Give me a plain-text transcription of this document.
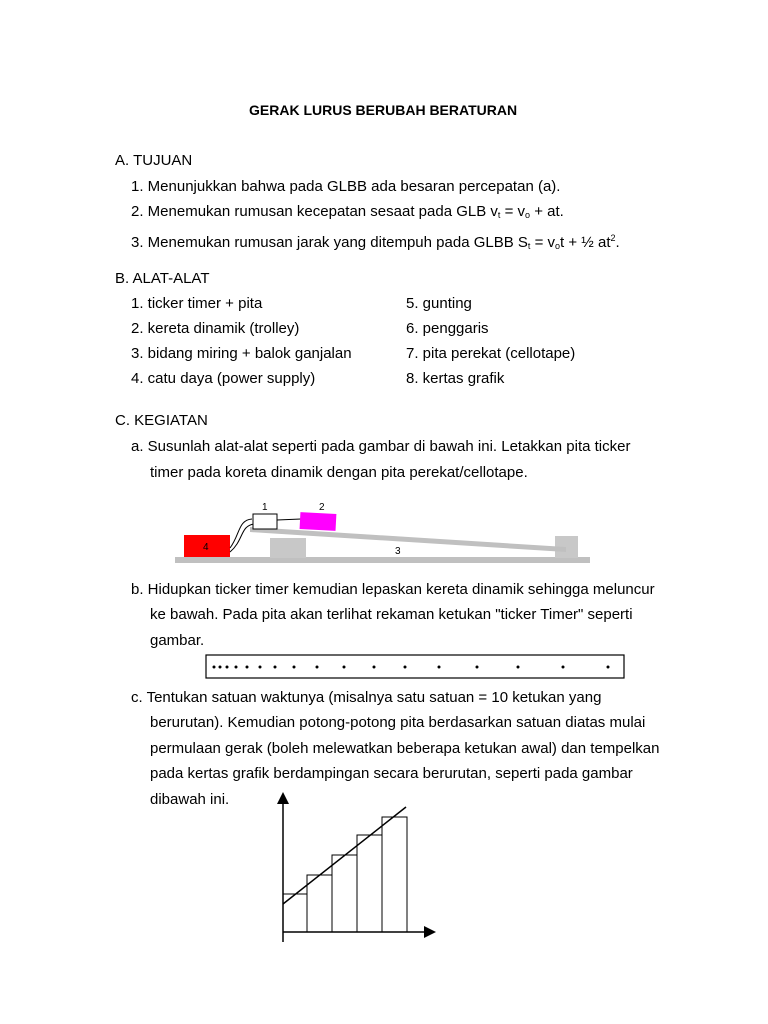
GERAK LURUS BERUBAH BERATURAN
A. TUJUAN
1. Menunjukkan bahwa pada GLBB ada besaran percepatan (a).
2. Menemukan rumusan kecepatan sesaat pada GLB $v_t = v_o$ + at.
3. Menemukan rumusan jarak yang ditempuh pada GLBB $S_t = v_ot$ + ½ $at^2$.
B. ALAT-ALAT
1. ticker timer + pita
2. kereta dinamik (trolley)
3. bidang miring + balok ganjalan
4. catu daya (power supply)
5. gunting
6. penggaris
7. pita perekat (cellotape)
8. kertas grafik
C. KEGIATAN
a. Susunlah alat-alat seperti pada gambar di bawah ini. Letakkan pita ticker
timer pada koreta dinamik dengan pita perekat/cellotape.
1	2
3
4
b. Hidupkan ticker timer kemudian lepaskan kereta dinamik sehingga meluncur
ke bawah. Pada pita akan terlihat rekaman ketukan "ticker Timer" seperti
gambar.
c. Tentukan satuan waktunya (misalnya satu satuan = 10 ketukan yang
berurutan). Kemudian potong-potong pita berdasarkan satuan diatas mulai
permulaan gerak (boleh melewatkan beberapa ketukan awal) dan tempelkan
pada kertas grafik berdampingan secara berurutan, seperti pada gambar
dibawah ini.
